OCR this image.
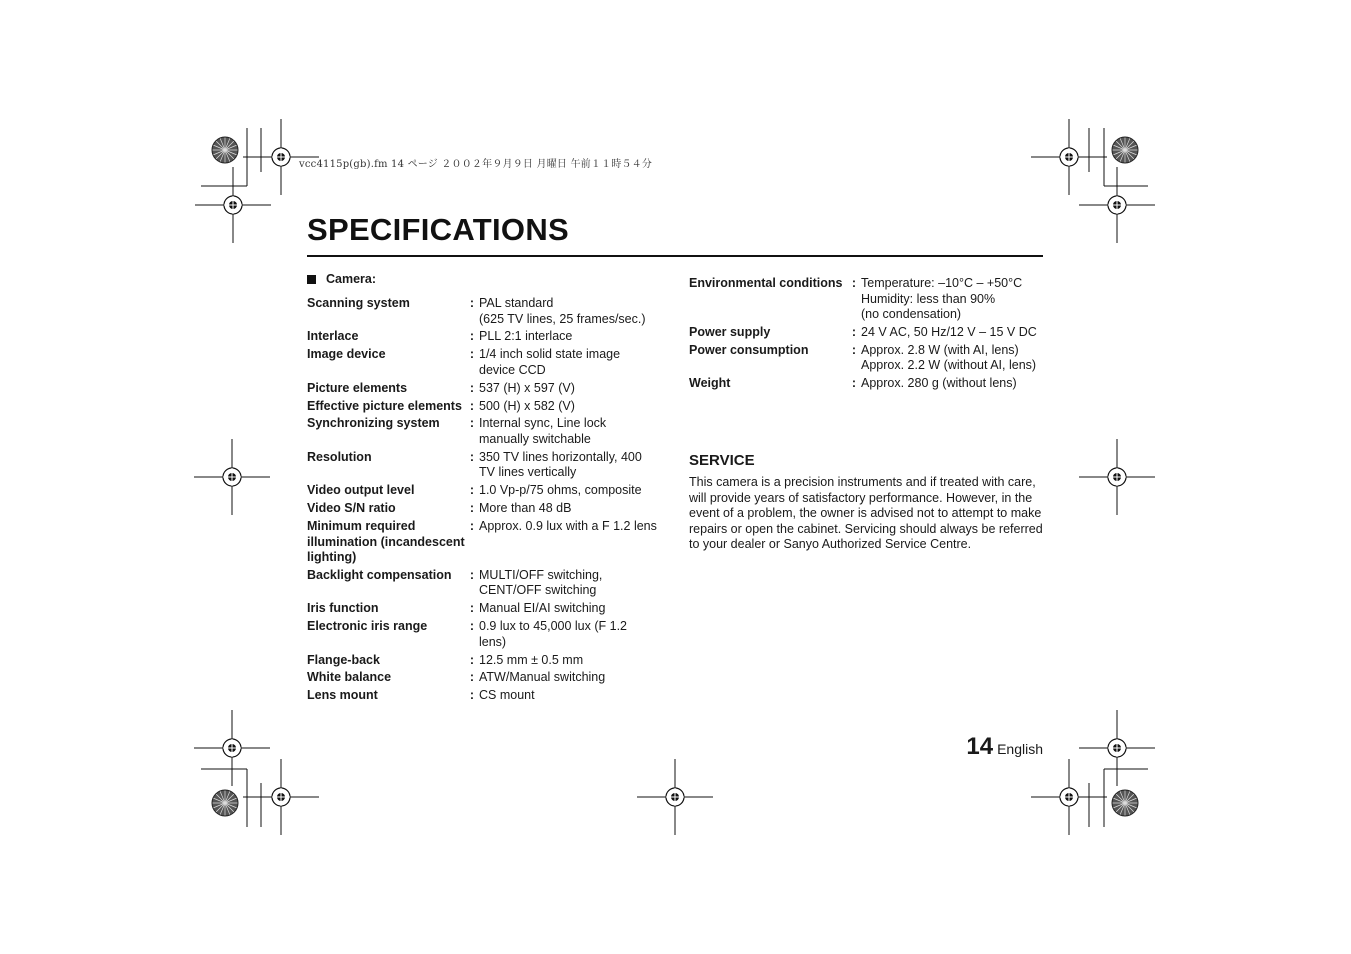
vcc4115p(gb).fm 14 ページ ２００２年９月９日 月曜日 午前１１時５４分
SPECIFICATIONS
Camera:
Scanning system	: PAL standard
(625 TV lines, 25 frames/sec.)
Interlace	: PLL 2:1 interlace
Image device	: 1/4 inch solid state image device CCD
Picture elements	: 537 (H) x 597 (V)
Effective picture elements : 500 (H) x 582 (V)
Synchronizing system	: Internal sync, Line lock manually switchable
Resolution	: 350 TV lines horizontally, 400 TV lines vertically
Video output level	: 1.0 Vp-p/75 ohms, composite
Video S/N ratio	: More than 48 dB
Minimum required illumination (incandescent lighting)
: Approx. 0.9 lux with a F 1.2 lens
Backlight compensation	: MULTI/OFF switching,
CENT/OFF switching
Iris function	: Manual EI/AI switching
Electronic iris range	: 0.9 lux to 45,000 lux (F 1.2 lens)
Flange-back	: 12.5 mm ± 0.5 mm
White balance	: ATW/Manual switching
Lens mount	: CS mount
Environmental conditions : Temperature: –10°C – +50°C
Humidity: less than 90%
(no condensation)
Power supply	: 24 V AC, 50 Hz/12 V – 15 V DC
Power consumption	: Approx. 2.8 W (with AI, lens)
Approx. 2.2 W (without AI, lens)
Weight	: Approx. 280 g (without lens)
SERVICE

This camera is a precision instruments and if treated with care, will provide years of satisfactory performance. However, in the event of a problem, the owner is advised not to attempt to make repairs or open the cabinet. Servicing should always be referred to your dealer or Sanyo Authorized Service Centre.

14 English
